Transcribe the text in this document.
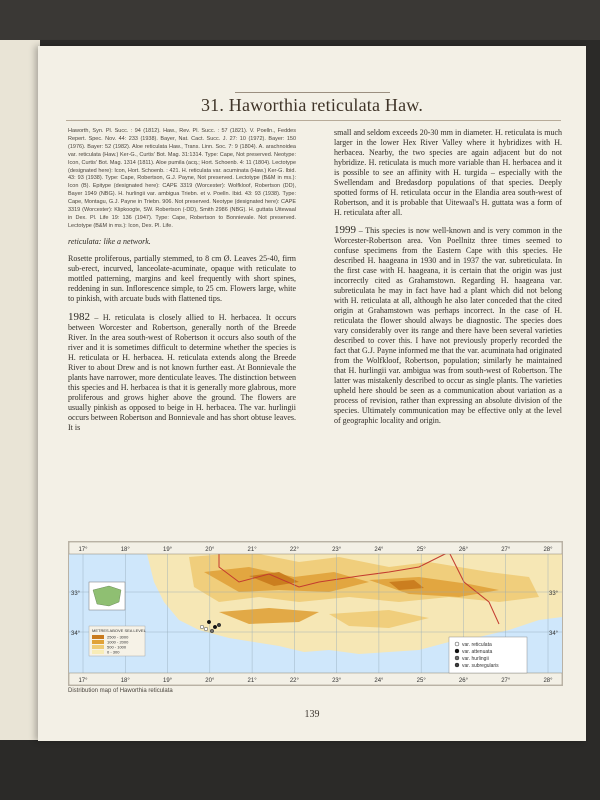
31. Haworthia reticulata Haw.

Haworth, Syn. Pl. Succ. : 94 (1812). Haw., Rev. Pl. Succ. : 57 (1821). V. Poelln., Feddes Repert. Spec. Nov. 44: 233 (1938). Bayer, Nat. Cact. Succ. J. 27: 10 (1972). Bayer: 150 (1976). Bayer: 52 (1982). Aloe reticulata Haw., Trans. Linn. Soc. 7: 9 (1804). A. arachnoidea var. reticulata (Haw.) Ker-G., Curtis' Bot. Mag. 31:1314. Type: Cape, Not preserved. Neotype: Icon, Curtis' Bot. Mag. 1314 (1811). Aloe pumila (acq.; Hort. Schoenb. 4: 11 (1804). Lectotype (designated here): Icon, Hort. Schoenb. : 421. H. reticulata var. acuminata (Haw.) Ker-G. Ibid. 43: 93 (1938). Type: Cape, Robertson, G.J. Payne, Not preserved. Lectotype (B&M in ms.): Icon (B). Epitype (designated here): CAPE 3319 (Worcester): Wolfkloof, Robertson (DD), Bayer 1949 (NBG). H. hurlingii var. ambigua Triebn. et v. Poelln. Ibid. 43: 93 (1938). Type: Cape, Montagu, G.J. Payne in Triebn. 906. Not preserved. Neotype (designated here): CAPE 3319 (Worcester): Klipkoogte, SW. Robertson (-DD), Smith 2986 (NBG). H. guttata Uitewaal in Dex. Pl. Life 19: 136 (1947). Type: Cape, Robertson to Bonnievale. Not preserved. Lectotype (B&M in ms.): Icon, Dex. Pl. Life.

reticulata: like a network.

Rosette proliferous, partially stemmed, to 8 cm Ø. Leaves 25-40, firm sub-erect, incurved, lanceolate-acuminate, opaque with reticulate to mottled patterning, margins and keel frequently with short spines, reddening in sun. Inflorescence simple, to 25 cm. Flowers large, white to pinkish, with arcuate buds with flattened tips.

1982 – H. reticulata is closely allied to H. herbacea. It occurs between Worcester and Robertson, generally north of the Breede River. In the area south-west of Robertson it occurs also south of the river and it is sometimes difficult to determine whether the species is H. reticulata or H. herbacea. H. reticulata extends along the Breede River to about Drew and is not known further east. At Bonnievale the plants have narrower, more denticulate leaves. The distinction between this species and H. herbacea is that it is generally more glabrous, more proliferous and grows higher above the ground. The flowers are usually pinkish as opposed to beige in H. herbacea. The var. hurlingii occurs between Robertson and Bonnievale and has short obtuse leaves. It is

small and seldom exceeds 20-30 mm in diameter. H. reticulata is much larger in the lower Hex River Valley where it hybridizes with H. herbacea. Nearby, the two species are again adjacent but do not hybridize. H. reticulata is much more variable than H. herbacea and it is possible to see an affinity with H. turgida – especially with the Swellendam and Bredasdorp populations of that species. Deeply spotted forms of H. reticulata occur in the Elandia area south-west of Robertson, and it is probable that Uitewaal's H. guttata was a form of H. reticulata after all.

1999 – This species is now well-known and is very common in the Worcester-Robertson area. Von Poellnitz three times seemed to confuse specimens from the Eastern Cape with this species. He described H. haageana in 1930 and in 1937 the var. subreticulata. In the first case with H. haageana, it is certain that the origin was just incorrectly cited as Grahamstown. Regarding H. haageana var. subreticulata he may in fact have had a plant which did not belong with H. reticulata at all, although he also later conceded that the cited origin at Grahamstown was perhaps incorrect. In the case of H. reticulata the flower should always be diagnostic. The species does vary considerably over its range and there have been several varieties described to cover this. I have not previously properly recorded the fact that G.J. Payne informed me that the var. acuminata had originated from the Wolfkloof, Robertson, population; similarly he maintained that H. hurlingii var. ambigua was from south-west of Robertson. The latter was mistakenly described to occur as single plants. The varieties upheld here should be seen as a communication about variation as a process of revision, rather than expressing an absolute division of the species. Ultimately communication may be effective only at the level of geographic locality and origin.

17°
17°
18°
18°
19°
19°
20°
20°
21°
21°
22°
22°
23°
23°
24°
24°
25°
25°
26°
26°
27°
27°
28°
28°
33°
34°
33°
34°
METRES ABOVE SEA LEVEL
2500 - 3000
1000 - 2000
500 - 1000
0 - 300
var. reticulata
var. attenuata
var. hurlingii
var. subregularis
Distribution map of Haworthia reticulata
139
